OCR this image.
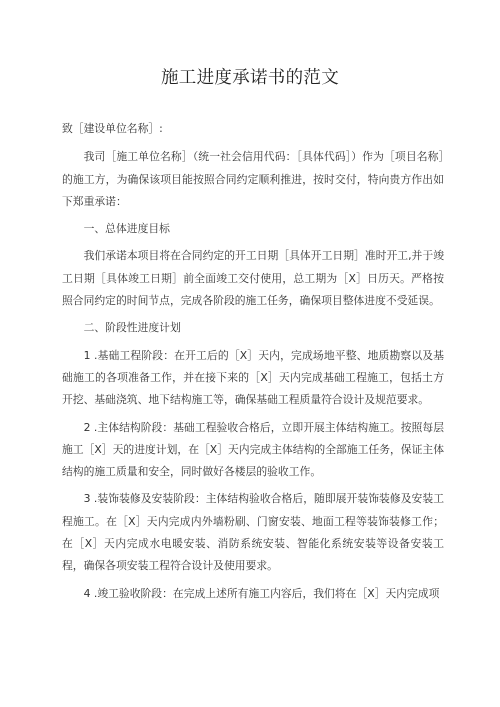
施工进度承诺书的范文

致［建设单位名称］:

我司［施工单位名称］（统一社会信用代码：［具体代码］）作为［项目名称］的施工方，为确保该项目能按照合同约定顺利推进，按时交付，特向贵方作出如下郑重承诺：

一、总体进度目标

我们承诺本项目将在合同约定的开工日期［具体开工日期］准时开工,并于竣工日期［具体竣工日期］前全面竣工交付使用，总工期为［X］日历天。严格按照合同约定的时间节点，完成各阶段的施工任务，确保项目整体进度不受延误。

二、阶段性进度计划

1 .基础工程阶段：在开工后的［X］天内，完成场地平整、地质勘察以及基础施工的各项准备工作，并在接下来的［X］天内完成基础工程施工，包括土方开挖、基础浇筑、地下结构施工等，确保基础工程质量符合设计及规范要求。

2 .主体结构阶段：基础工程验收合格后，立即开展主体结构施工。按照每层施工［X］天的进度计划，在［X］天内完成主体结构的全部施工任务，保证主体结构的施工质量和安全，同时做好各楼层的验收工作。

3 .装饰装修及安装阶段：主体结构验收合格后，随即展开装饰装修及安装工程施工。在［X］天内完成内外墙粉刷、门窗安装、地面工程等装饰装修工作；在［X］天内完成水电暖安装、消防系统安装、智能化系统安装等设备安装工程，确保各项安装工程符合设计及使用要求。

4 .竣工验收阶段：在完成上述所有施工内容后，我们将在［X］天内完成项
